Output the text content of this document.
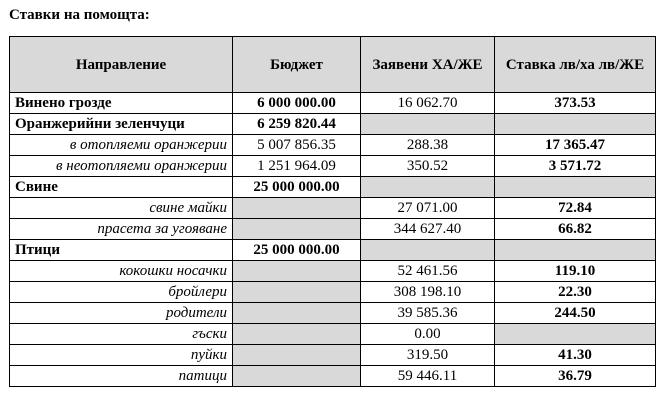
Ставки на помощта:
Направление	Бюджет	Заявени ХА/ЖЕ	Ставка лв/ха лв/ЖЕ
Винено грозде	6 000 000.00	16 062.70	373.53
Оранжерийни зеленчуци	6 259 820.44		
в отопляеми оранжерии	5 007 856.35	288.38	17 365.47
в неотопляеми оранжерии	1 251 964.09	350.52	3 571.72
Свине	25 000 000.00		
свине майки		27 071.00	72.84
прасета за угояване		344 627.40	66.82
Птици	25 000 000.00		
кокошки носачки		52 461.56	119.10
бройлери		308 198.10	22.30
родители		39 585.36	244.50
гъски		0.00	
пуйки		319.50	41.30
патици		59 446.11	36.79
